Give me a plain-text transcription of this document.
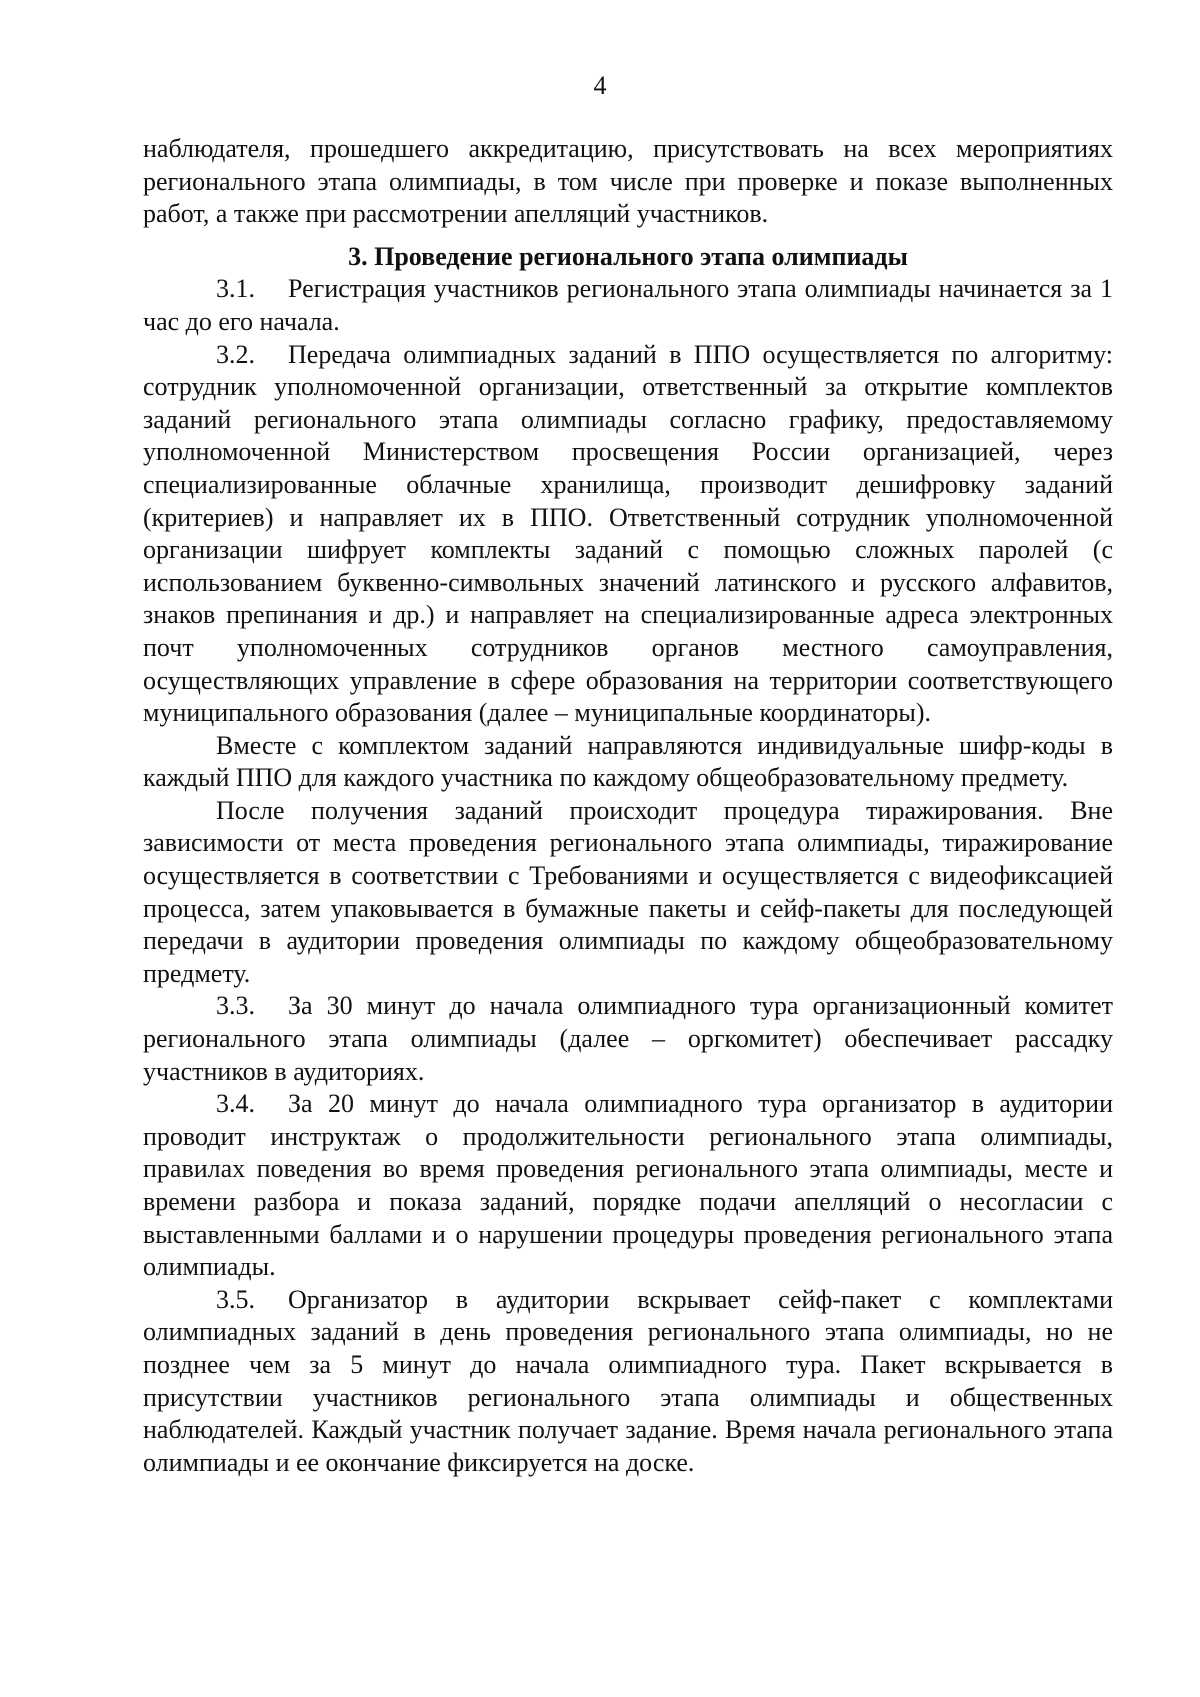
4

наблюдателя, прошедшего аккредитацию, присутствовать на всех мероприятиях регионального этапа олимпиады, в том числе при проверке и показе выполненных работ, а также при рассмотрении апелляций участников.

3. Проведение регионального этапа олимпиады

3.1. Регистрация участников регионального этапа олимпиады начинается за 1 час до его начала.

3.2. Передача олимпиадных заданий в ППО осуществляется по алгоритму: сотрудник уполномоченной организации, ответственный за открытие комплектов заданий регионального этапа олимпиады согласно графику, предоставляемому уполномоченной Министерством просвещения России организацией, через специализированные облачные хранилища, производит дешифровку заданий (критериев) и направляет их в ППО. Ответственный сотрудник уполномоченной организации шифрует комплекты заданий с помощью сложных паролей (с использованием буквенно-символьных значений латинского и русского алфавитов, знаков препинания и др.) и направляет на специализированные адреса электронных почт уполномоченных сотрудников органов местного самоуправления, осуществляющих управление в сфере образования на территории соответствующего муниципального образования (далее – муниципальные координаторы).

Вместе с комплектом заданий направляются индивидуальные шифр-коды в каждый ППО для каждого участника по каждому общеобразовательному предмету.

После получения заданий происходит процедура тиражирования. Вне зависимости от места проведения регионального этапа олимпиады, тиражирование осуществляется в соответствии с Требованиями и осуществляется с видеофиксацией процесса, затем упаковывается в бумажные пакеты и сейф-пакеты для последующей передачи в аудитории проведения олимпиады по каждому общеобразовательному предмету.

3.3. За 30 минут до начала олимпиадного тура организационный комитет регионального этапа олимпиады (далее – оргкомитет) обеспечивает рассадку участников в аудиториях.

3.4. За 20 минут до начала олимпиадного тура организатор в аудитории проводит инструктаж о продолжительности регионального этапа олимпиады, правилах поведения во время проведения регионального этапа олимпиады, месте и времени разбора и показа заданий, порядке подачи апелляций о несогласии с выставленными баллами и о нарушении процедуры проведения регионального этапа олимпиады.

3.5. Организатор в аудитории вскрывает сейф-пакет с комплектами олимпиадных заданий в день проведения регионального этапа олимпиады, но не позднее чем за 5 минут до начала олимпиадного тура. Пакет вскрывается в присутствии участников регионального этапа олимпиады и общественных наблюдателей. Каждый участник получает задание. Время начала регионального этапа олимпиады и ее окончание фиксируется на доске.
